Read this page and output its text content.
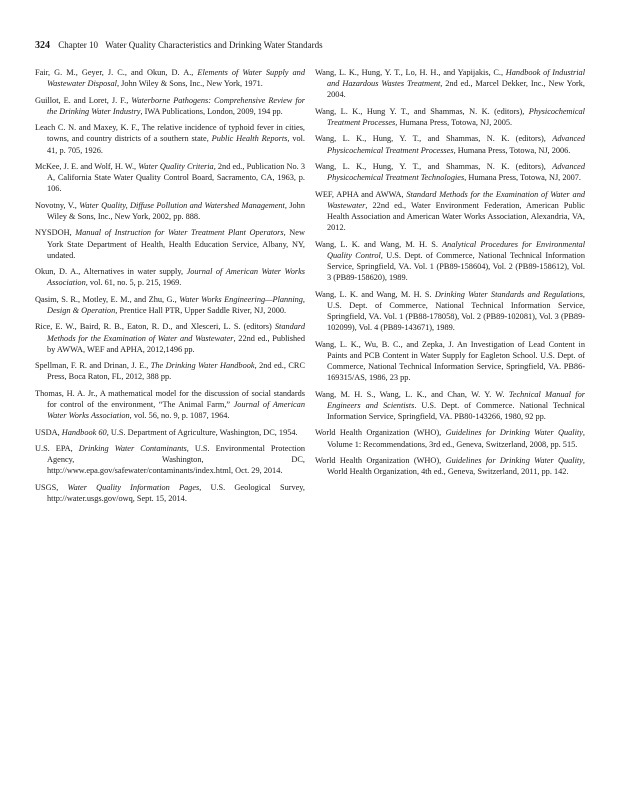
324 Chapter 10 Water Quality Characteristics and Drinking Water Standards

Fair, G. M., Geyer, J. C., and Okun, D. A., Elements of Water Supply and Wastewater Disposal, John Wiley & Sons, Inc., New York, 1971.

Guillot, E. and Loret, J. F., Waterborne Pathogens: Comprehensive Review for the Drinking Water Industry, IWA Publications, London, 2009, 194 pp.

Leach C. N. and Maxey, K. F., The relative incidence of typhoid fever in cities, towns, and country districts of a southern state, Public Health Reports, vol. 41, p. 705, 1926.

McKee, J. E. and Wolf, H. W., Water Quality Criteria, 2nd ed., Publication No. 3 A, California State Water Quality Control Board, Sacramento, CA, 1963, p. 106.

Novotny, V., Water Quality, Diffuse Pollution and Watershed Management, John Wiley & Sons, Inc., New York, 2002, pp. 888.

NYSDOH, Manual of Instruction for Water Treatment Plant Operators, New York State Department of Health, Health Education Service, Albany, NY, undated.

Okun, D. A., Alternatives in water supply, Journal of American Water Works Association, vol. 61, no. 5, p. 215, 1969.

Qasim, S. R., Motley, E. M., and Zhu, G., Water Works Engineering—Planning, Design & Operation, Prentice Hall PTR, Upper Saddle River, NJ, 2000.

Rice, E. W., Baird, R. B., Eaton, R. D., and Xlesceri, L. S. (editors) Standard Methods for the Examination of Water and Wastewater, 22nd ed., Published by AWWA, WEF and APHA, 2012,1496 pp.

Spellman, F. R. and Drinan, J. E., The Drinking Water Handbook, 2nd ed., CRC Press, Boca Raton, FL, 2012, 388 pp.

Thomas, H. A. Jr., A mathematical model for the discussion of social standards for control of the environment, “The Animal Farm,” Journal of American Water Works Association, vol. 56, no. 9, p. 1087, 1964.

USDA, Handbook 60, U.S. Department of Agriculture, Washington, DC, 1954.

U.S. EPA, Drinking Water Contaminants, U.S. Environmental Protection Agency, Washington, DC, http://www.epa.gov/safewater/contaminants/index.html, Oct. 29, 2014.

USGS, Water Quality Information Pages, U.S. Geological Survey, http://water.usgs.gov/owq, Sept. 15, 2014.

Wang, L. K., Hung, Y. T., Lo, H. H., and Yapijakis, C., Handbook of Industrial and Hazardous Wastes Treatment, 2nd ed., Marcel Dekker, Inc., New York, 2004.

Wang, L. K., Hung Y. T., and Shammas, N. K. (editors), Physicochemical Treatment Processes, Humana Press, Totowa, NJ, 2005.

Wang, L. K., Hung, Y. T., and Shammas, N. K. (editors), Advanced Physicochemical Treatment Processes, Humana Press, Totowa, NJ, 2006.

Wang, L. K., Hung, Y. T., and Shammas, N. K. (editors), Advanced Physicochemical Treatment Technologies, Humana Press, Totowa, NJ, 2007.

WEF, APHA and AWWA, Standard Methods for the Examination of Water and Wastewater, 22nd ed., Water Environment Federation, American Public Health Association and American Water Works Association, Alexandria, VA, 2012.

Wang, L. K. and Wang, M. H. S. Analytical Procedures for Environmental Quality Control, U.S. Dept. of Commerce, National Technical Information Service, Springfield, VA. Vol. 1 (PB89-158604), Vol. 2 (PB89-158612), Vol. 3 (PB89-158620), 1989.

Wang, L. K. and Wang, M. H. S. Drinking Water Standards and Regulations, U.S. Dept. of Commerce, National Technical Information Service, Springfield, VA. Vol. 1 (PB88-178058), Vol. 2 (PB89-102081), Vol. 3 (PB89-102099), Vol. 4 (PB89-143671), 1989.

Wang, L. K., Wu, B. C., and Zepka, J. An Investigation of Lead Content in Paints and PCB Content in Water Supply for Eagleton School. U.S. Dept. of Commerce, National Technical Information Service, Springfield, VA. PB86-169315/AS, 1986, 23 pp.

Wang, M. H. S., Wang, L. K., and Chan, W. Y. W. Technical Manual for Engineers and Scientists. U.S. Dept. of Commerce. National Technical Information Service, Springfield, VA. PB80-143266, 1980, 92 pp.

World Health Organization (WHO), Guidelines for Drinking Water Quality, Volume 1: Recommendations, 3rd ed., Geneva, Switzerland, 2008, pp. 515.

World Health Organization (WHO), Guidelines for Drinking Water Quality, World Health Organization, 4th ed., Geneva, Switzerland, 2011, pp. 142.
